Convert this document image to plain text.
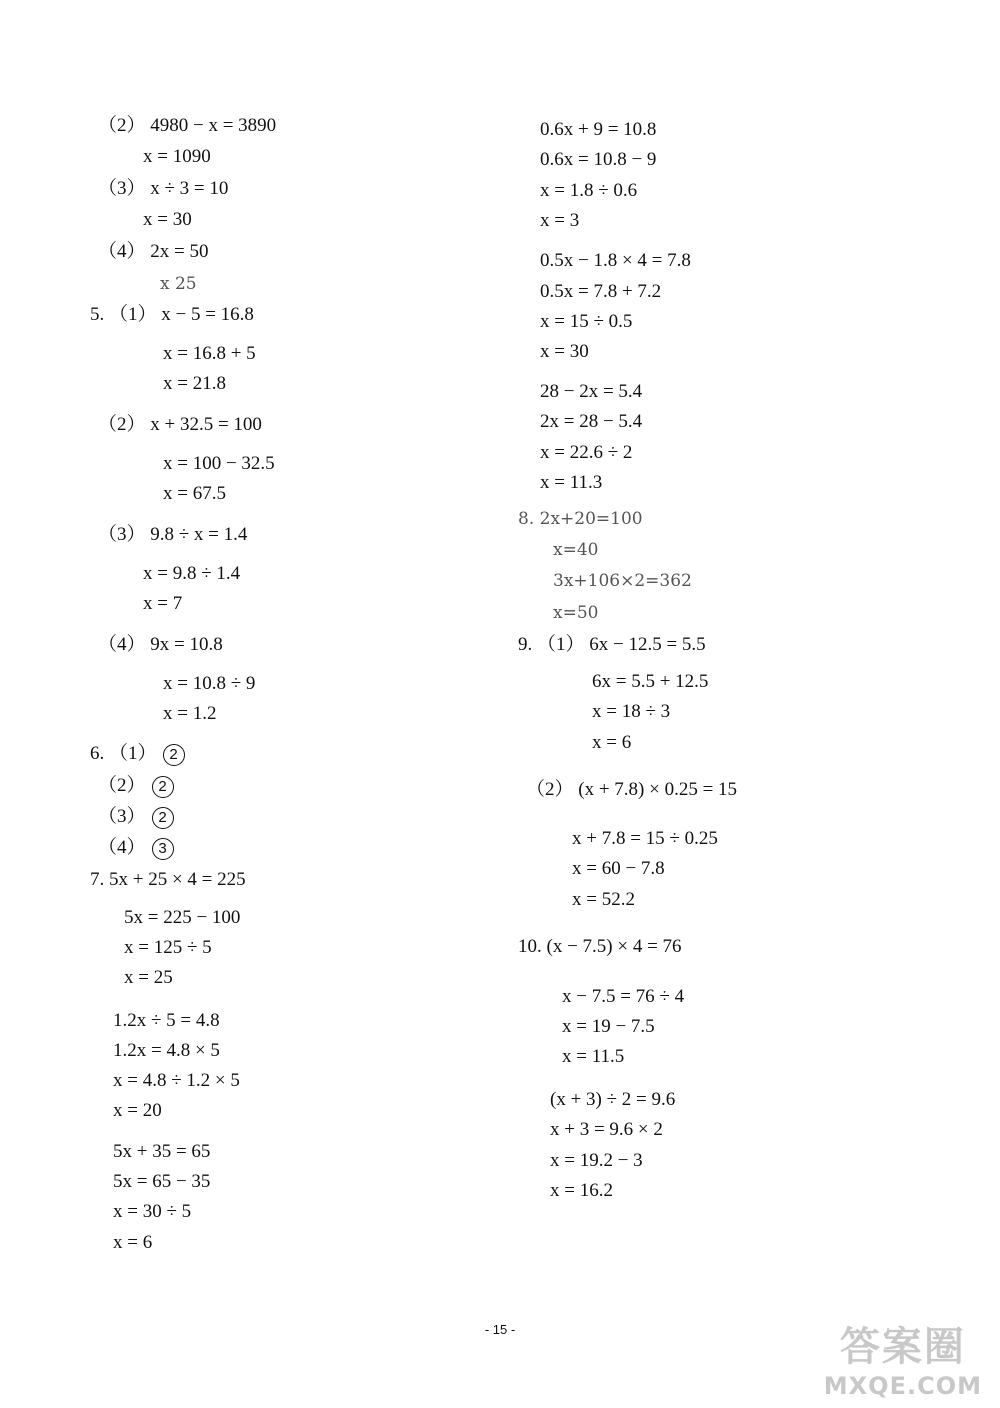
（2） 4980 − x = 3890
x = 1090
（3） x ÷ 3 = 10
x = 30
（4） 2x = 50
x 25
5. （1） x − 5 = 16.8
x = 16.8 + 5
x = 21.8
（2） x + 32.5 = 100
x = 100 − 32.5
x = 67.5
（3） 9.8 ÷ x = 1.4
x = 9.8 ÷ 1.4
x = 7
（4） 9x = 10.8
x = 10.8 ÷ 9
x = 1.2
6. （1） 2
（2） 2
（3） 2
（4） 3
7. 5x + 25 × 4 = 225
5x = 225 − 100
x = 125 ÷ 5
x = 25
1.2x ÷ 5 = 4.8
1.2x = 4.8 × 5
x = 4.8 ÷ 1.2 × 5
x = 20
5x + 35 = 65
5x = 65 − 35
x = 30 ÷ 5
x = 6
0.6x + 9 = 10.8
0.6x = 10.8 − 9
x = 1.8 ÷ 0.6
x = 3
0.5x − 1.8 × 4 = 7.8
0.5x = 7.8 + 7.2
x = 15 ÷ 0.5
x = 30
28 − 2x = 5.4
2x = 28 − 5.4
x = 22.6 ÷ 2
x = 11.3
8. 2x+20=100
x=40
3x+106×2=362
x=50
9. （1） 6x − 12.5 = 5.5
6x = 5.5 + 12.5
x = 18 ÷ 3
x = 6
（2） (x + 7.8) × 0.25 = 15
x + 7.8 = 15 ÷ 0.25
x = 60 − 7.8
x = 52.2
10. (x − 7.5) × 4 = 76
x − 7.5 = 76 ÷ 4
x = 19 − 7.5
x = 11.5
(x + 3) ÷ 2 = 9.6
x + 3 = 9.6 × 2
x = 19.2 − 3
x = 16.2
- 15 -	答案圈
MXQE.COM
